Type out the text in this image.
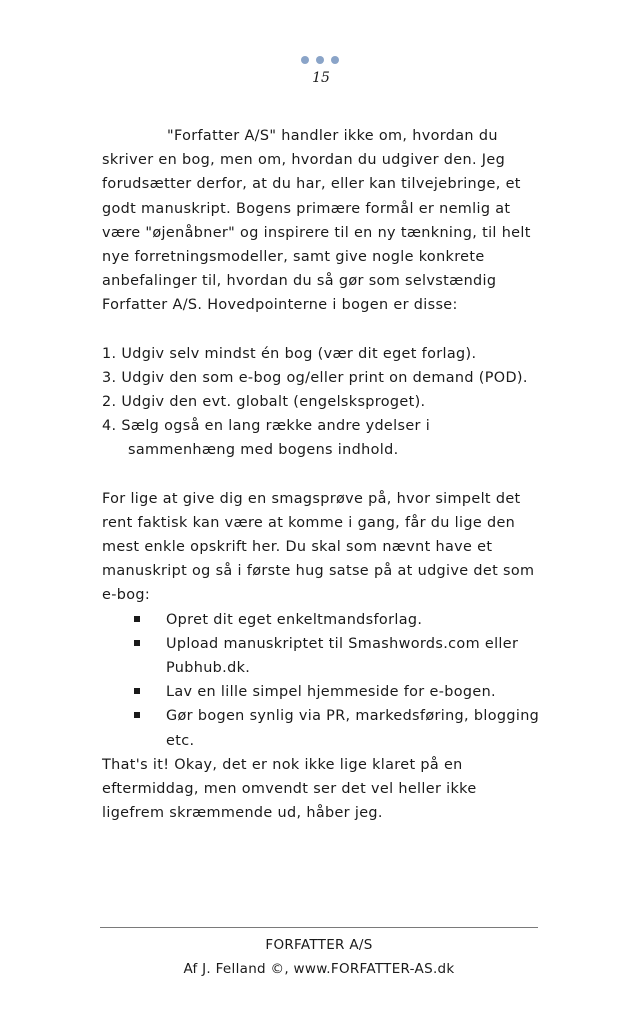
15

"Forfatter A/S" handler ikke om, hvordan du skriver en bog, men om, hvordan du udgiver den. Jeg forudsætter derfor, at du har, eller kan tilvejebringe, et godt manuskript. Bogens primære formål er nemlig at være "øjenåbner" og inspirere til en ny tænkning, til helt nye forretningsmodeller, samt give nogle konkrete anbefalinger til, hvordan du så gør som selvstændig Forfatter A/S. Hovedpointerne i bogen er disse:

1. Udgiv selv mindst én bog (vær dit eget forlag).

3. Udgiv den som e-bog og/eller print on demand (POD).

2. Udgiv den evt. globalt (engelsksproget).

4. Sælg også en lang række andre ydelser i sammenhæng med bogens indhold.

For lige at give dig en smagsprøve på, hvor simpelt det rent faktisk kan være at komme i gang, får du lige den mest enkle opskrift her. Du skal som nævnt have et manuskript og så i første hug satse på at udgive det som e-bog:

Opret dit eget enkeltmandsforlag.
Upload manuskriptet til Smashwords.com eller Pubhub.dk.
Lav en lille simpel hjemmeside for e-bogen.
Gør bogen synlig via PR, markedsføring, blogging etc.

That's it! Okay, det er nok ikke lige klaret på en eftermiddag, men omvendt ser det vel heller ikke ligefrem skræmmende ud, håber jeg.

FORFATTER A/S
Af J. Felland ©, www.FORFATTER-AS.dk
